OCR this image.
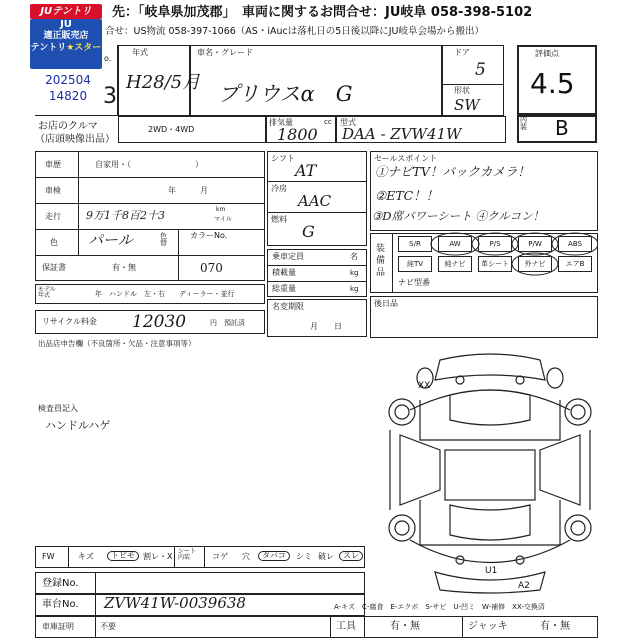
先：「岐阜県加茂郡」　車両に関するお問合せ：JU岐阜 058-398-5102
合せ：US物流 058-397-1066（AS・iAucは落札日の5日後以降にJU岐阜会場から搬出）
JUテントリ
JU
適正販売店
テントリ★スター
202504
14820
o.
3
年式
H28/5月
車名・グレード
プリウスα　G
ドア
5
形状
SW
評価点
4.5
内装 B
2WD・4WD
排気量	cc
1800
型式
DAA - ZVW41W
お店のクルマ
（店頭映像出品）
車歴	自家用・（　　　　　　　　）
車検	年　　　月
走行 9万1千8百2十3	km
マイル
色 パール	色替
カラーNo.
070
保証書	有・無
モデル年式	年　ハンドル　左・右　　ディーラー・並行
リサイクル料金 12030	円　預託済
出品店申告欄（不良箇所・欠品・注意事項等）
シフト
AT
冷房
AAC
燃料
G
乗車定員	名
積載量	kg
総重量	kg
名変期限
月　　日
セールスポイント
①ナビTV！バックカメラ！
②ETC！！
③D席パワーシート ④クルコン！
装備品
S/R	AW	P/S	P/W	ABS
純TV	純ナビ	革シート	外ナビ	エアB
ナビ型番
後日品
検査員記入
ハンドルハゲ
XX
U1
A2
FW	キズ	トビモ	割レ・X
シート内装	コゲ 穴	タバコ	シミ 破レ	スレ
登録No.
車台No. ZVW41W-0039638
車庫証明	不要
A-キズ　C-腐食　E-エクボ　S-サビ　U-凹ミ　W-補修　XX-交換済
工具	有・無	ジャッキ	有・無
